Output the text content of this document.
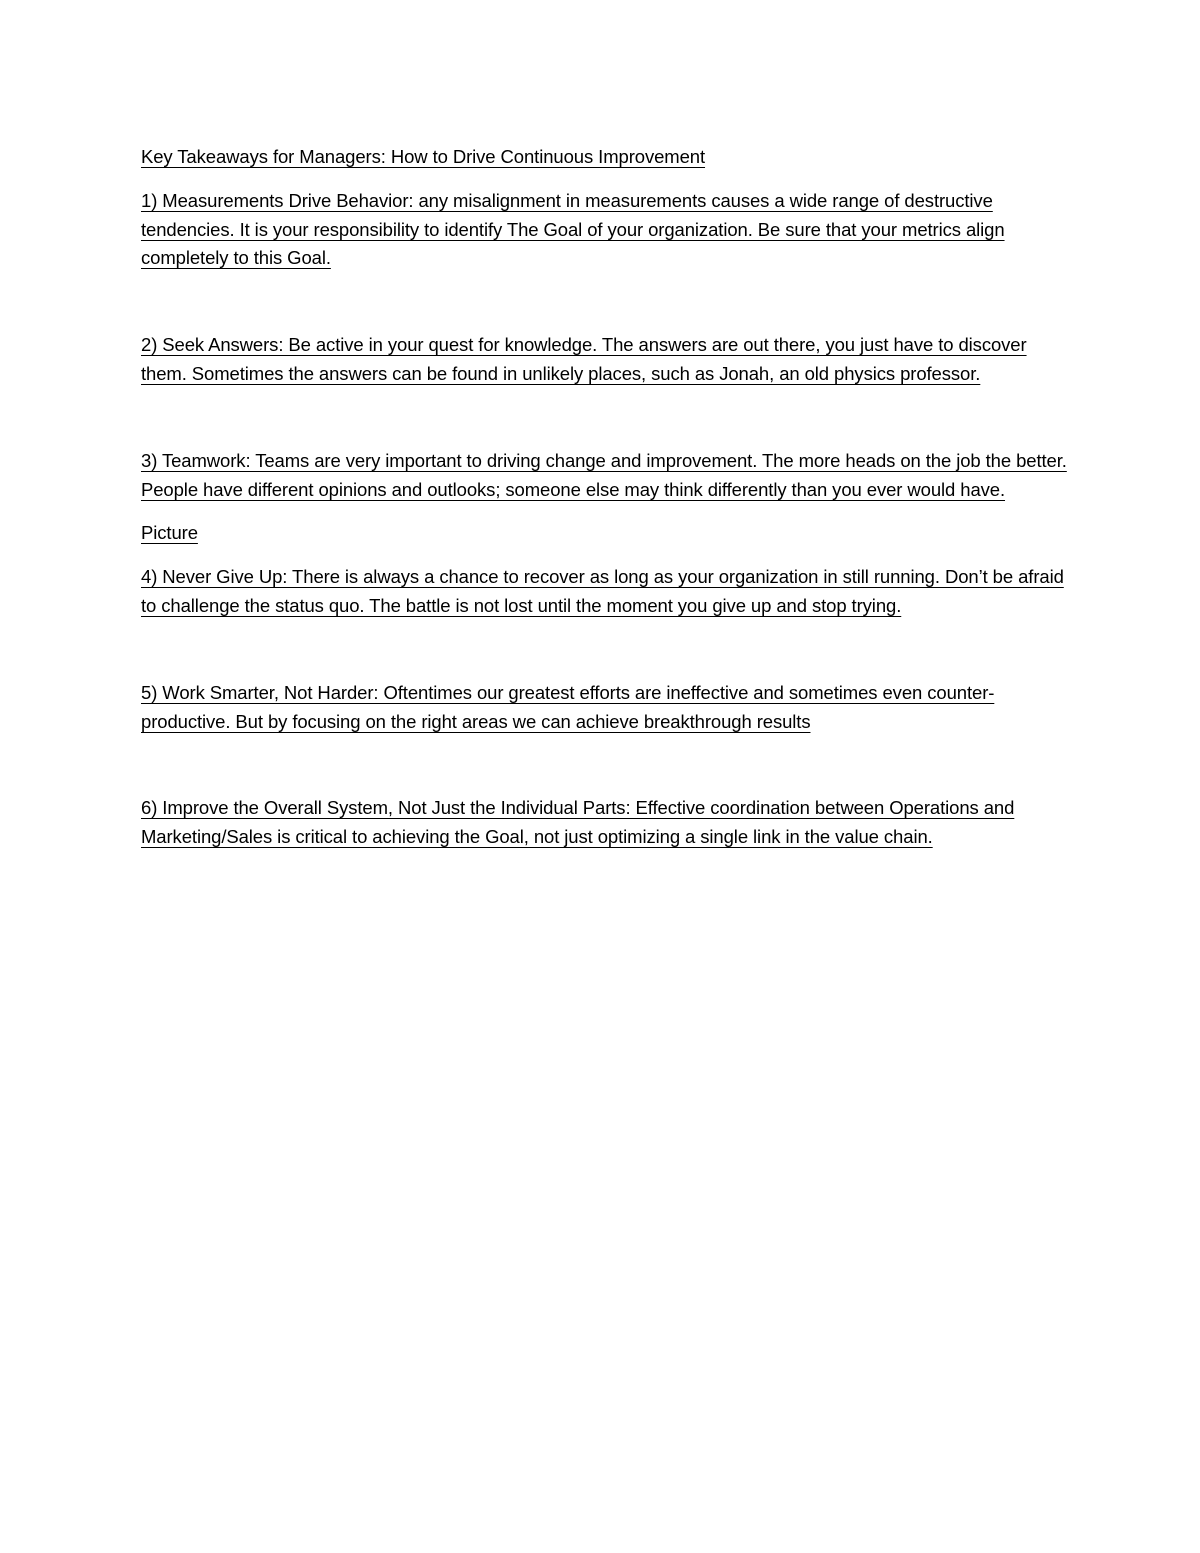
Key Takeaways for Managers: How to Drive Continuous Improvement

1) Measurements Drive Behavior: any misalignment in measurements causes a wide range of destructive tendencies. It is your responsibility to identify The Goal of your organization. Be sure that your metrics align completely to this Goal.

2) Seek Answers: Be active in your quest for knowledge. The answers are out there, you just have to discover them. Sometimes the answers can be found in unlikely places, such as Jonah, an old physics professor.

3) Teamwork: Teams are very important to driving change and improvement. The more heads on the job the better. People have different opinions and outlooks; someone else may think differently than you ever would have.

Picture

4) Never Give Up: There is always a chance to recover as long as your organization in still running. Don’t be afraid to challenge the status quo. The battle is not lost until the moment you give up and stop trying.

5) Work Smarter, Not Harder: Oftentimes our greatest efforts are ineffective and sometimes even counter-productive. But by focusing on the right areas we can achieve breakthrough results

6) Improve the Overall System, Not Just the Individual Parts: Effective coordination between Operations and Marketing/Sales is critical to achieving the Goal, not just optimizing a single link in the value chain.
